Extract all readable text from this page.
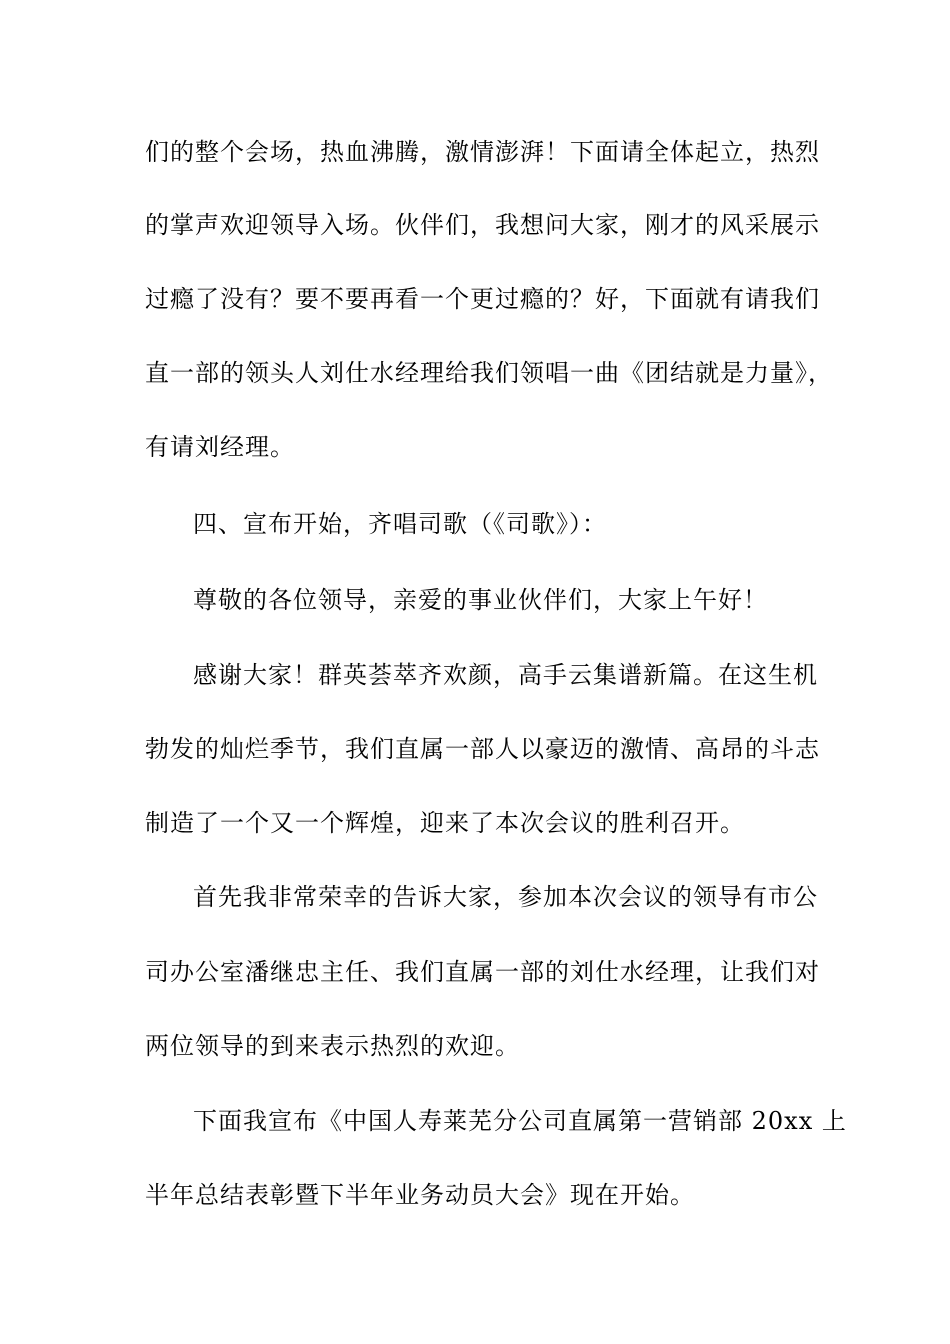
们的整个会场，热血沸腾，激情澎湃！下面请全体起立，热烈
的掌声欢迎领导入场。伙伴们，我想问大家，刚才的风采展示
过瘾了没有？要不要再看一个更过瘾的？好，下面就有请我们
直一部的领头人刘仕水经理给我们领唱一曲《团结就是力量》，
有请刘经理。
四、宣布开始，齐唱司歌（《司歌》）：
尊敬的各位领导，亲爱的事业伙伴们，大家上午好！
感谢大家！群英荟萃齐欢颜，高手云集谱新篇。在这生机
勃发的灿烂季节，我们直属一部人以豪迈的激情、高昂的斗志
制造了一个又一个辉煌，迎来了本次会议的胜利召开。
首先我非常荣幸的告诉大家，参加本次会议的领导有市公
司办公室潘继忠主任、我们直属一部的刘仕水经理，让我们对
两位领导的到来表示热烈的欢迎。
下面我宣布《中国人寿莱芜分公司直属第一营销部 20xx 上
半年总结表彰暨下半年业务动员大会》现在开始。
